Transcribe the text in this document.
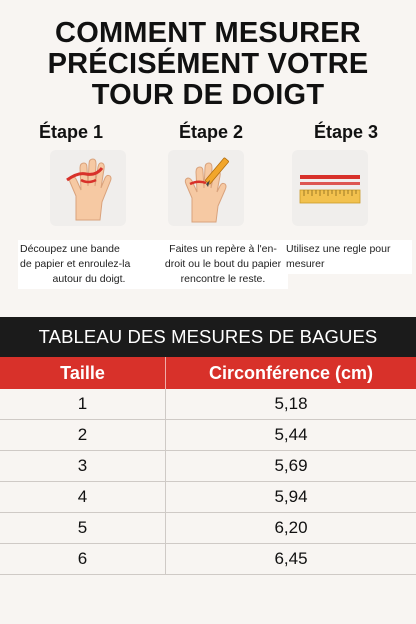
COMMENT MESURER
PRÉCISÉMENT VOTRE
TOUR DE DOIGT
Étape 1
Découpez une bande
de papier et enroulez-la
autour du doigt.
Étape 2
Faites un repère à l'en-
droit ou le bout du papier
rencontre le reste.
Étape 3
Utilisez une regle pour
mesurer
TABLEAU DES MESURES DE BAGUES
Taille	Circonférence (cm)
1	5,18
2	5,44
3	5,69
4	5,94
5	6,20
6	6,45
